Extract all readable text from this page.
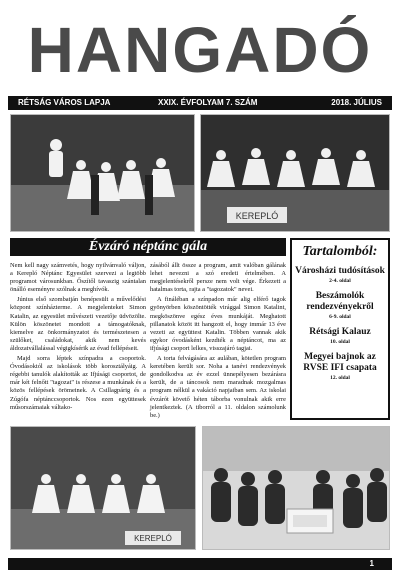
HANGADÓ
RÉTSÁG VÁROS LAPJA	XXIX. ÉVFOLYAM 7. SZÁM	2018. JÚLIUS
KEREPLÓ
Évzáró néptánc gála

Nem kell nagy számvetés, hogy nyilvánvaló váljon, a Kerepló Néptánc Egyesület szervezi a legtöbb programot városunkban. Őszítől tavaszig szántalan önálló eseményre szólnak a meghívók.

Június első szombatján benépesült a művelődési központ színházterme. A megjelenteket Simon Katalin, az egyesület művészeti vezetője üdvözölte. Külön köszönetet mondott a támogatóknak, kiemelve az önkormányzatot és természetesen a szülőket, családokat, akik nem kevés áldozatvállalással végigkísérik az évad fellépéseit.

Majd sorra léptek színpadra a csoportok. Óvodásoktól az iskolások több korosztályáig. A régebbi tanulók alakították az Ifjúsági csoportot, de már két felnőtt "tagozat" is részese a munkának és a közös fellépések örömeinek. A Csillagpárig és a Zúgófa néptánccsoportok. Nos ezen együttesek műsorszámaiak váltako-

zásából állt össze a program, amit valóban gálának lehet nevezni a szó eredeti értelmében. A megjelentésekről persze nem volt vége. Érkezett a hatalmas torta, rajta a "tagozatok" nevei.

A fináléban a színpadon már alig elférő tagok gyönyörben köszöntötték virággal Simon Katalint, megköszönve egész éves munkáját. Meghatott pillanatok közöt itt hangzott el, hogy immár 13 éve vezeti az együttest Katalin. Többen vannak akik egykor óvodásként kezdték a néptáncot, ma az ifjúsági csoport lelkes, visszajáró tagjai.

A torta felvágására az aulában, kötetlen program keretében került sor. Noha a tanévi rendezvények gondolkodva az év ezzel ünnepélyesen bezárásra került, de a táncosok nem maradnak mozgalmas program nélkül a vakáció napjaiban sem. Az iskolai évzárót követő héten táborba vonulnak akik erre jelentkeztek. (A tiborról a 11. oldalon számolunk be.)

Tartalomból:
Városházi tudósítások
2-4. oldal
Beszámolók rendezvényekről
6-9. oldal
Rétsági Kalauz
10. oldal
Megyei bajnok az RVSE IFI csapata
12. oldal
KEREPLÓ
1
